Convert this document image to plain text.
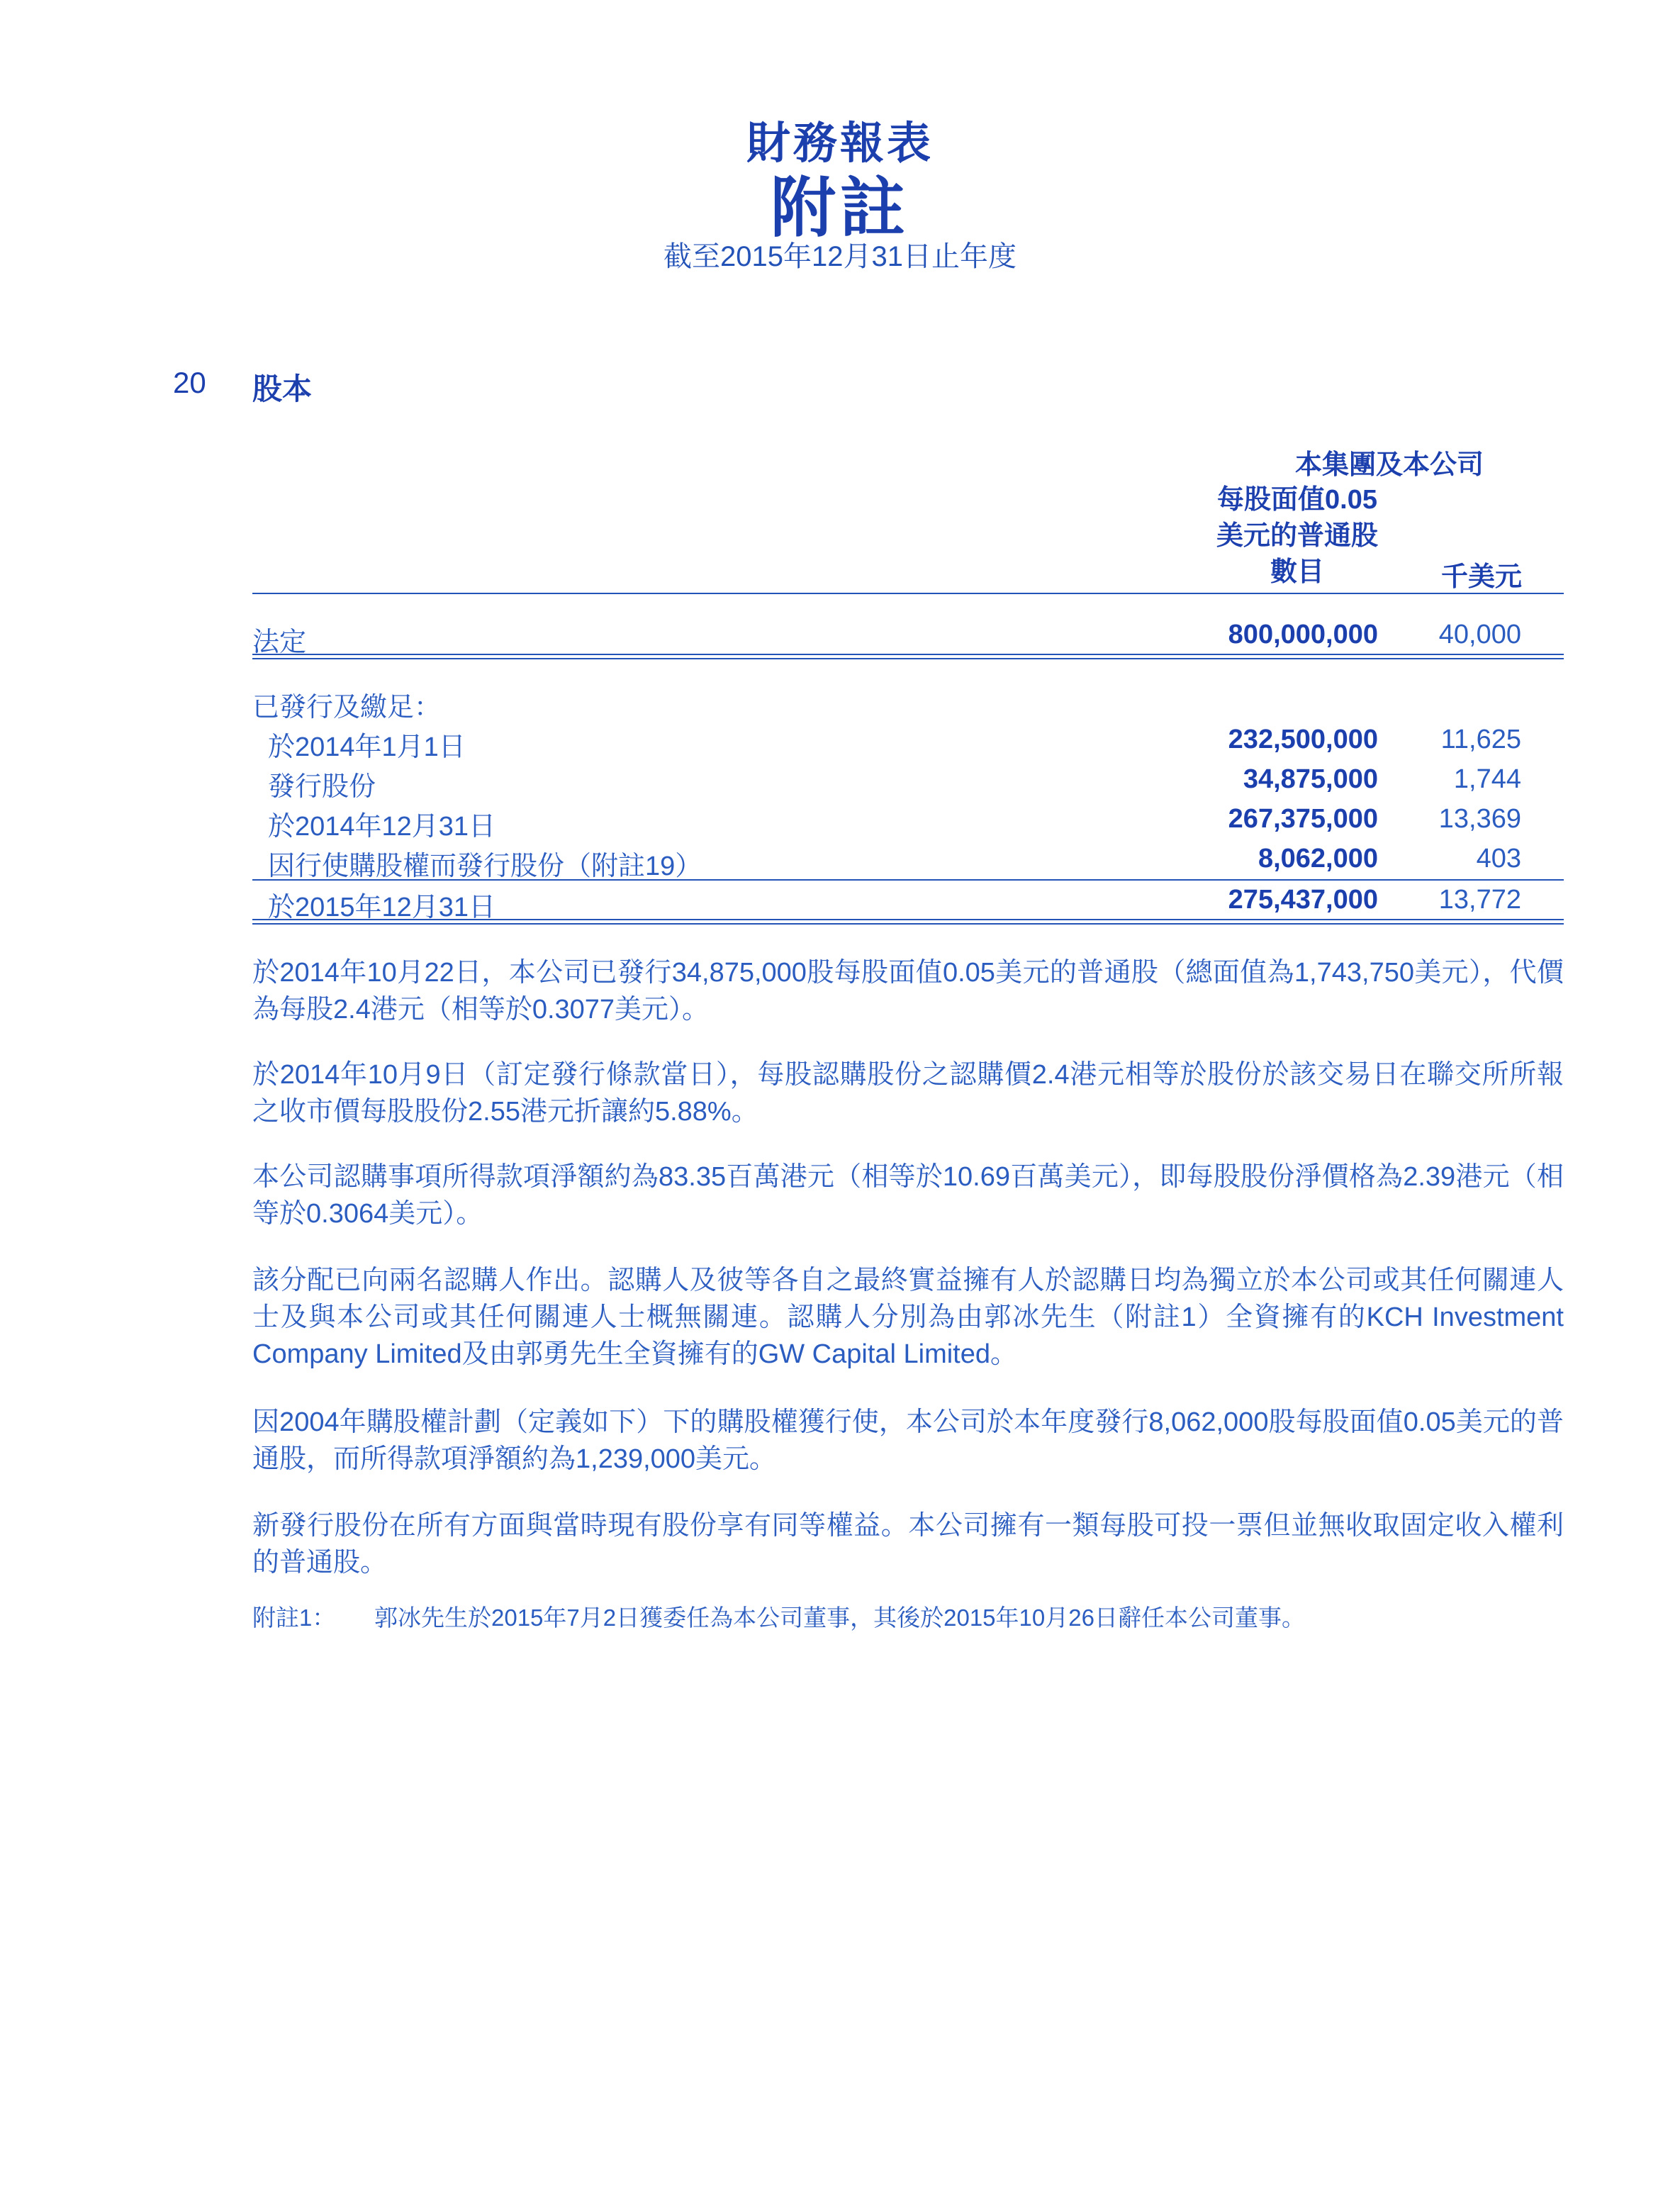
財務報表
附註
截至2015年12月31日止年度
20 股本
本集團及本公司
每股面值0.05
美元的普通股
數目	千美元
法定	800,000,000 40,000
已發行及繳足：
於2014年1月1日	232,500,000 11,625
發行股份	34,875,000	1,744
於2014年12月31日	267,375,000 13,369
因行使購股權而發行股份（附註19）	8,062,000	403
於2015年12月31日	275,437,000 13,772
於2014年10月22日，本公司已發行34,875,000股每股面值0.05美元的普通股（總面值為1,743,750美元），代價為每股2.4港元（相等於0.3077美元）。
於2014年10月9日（訂定發行條款當日），每股認購股份之認購價2.4港元相等於股份於該交易日在聯交所所報之收市價每股股份2.55港元折讓約5.88%。
本公司認購事項所得款項淨額約為83.35百萬港元（相等於10.69百萬美元），即每股股份淨價格為2.39港元（相等於0.3064美元）。
該分配已向兩名認購人作出。認購人及彼等各自之最終實益擁有人於認購日均為獨立於本公司或其任何關連人士及與本公司或其任何關連人士概無關連。認購人分別為由郭冰先生（附註1）全資擁有的KCH Investment Company Limited及由郭勇先生全資擁有的GW Capital Limited。
因2004年購股權計劃（定義如下）下的購股權獲行使，本公司於本年度發行8,062,000股每股面值0.05美元的普通股，而所得款項淨額約為1,239,000美元。
新發行股份在所有方面與當時現有股份享有同等權益。本公司擁有一類每股可投一票但並無收取固定收入權利的普通股。
附註1： 郭冰先生於2015年7月2日獲委任為本公司董事，其後於2015年10月26日辭任本公司董事。
